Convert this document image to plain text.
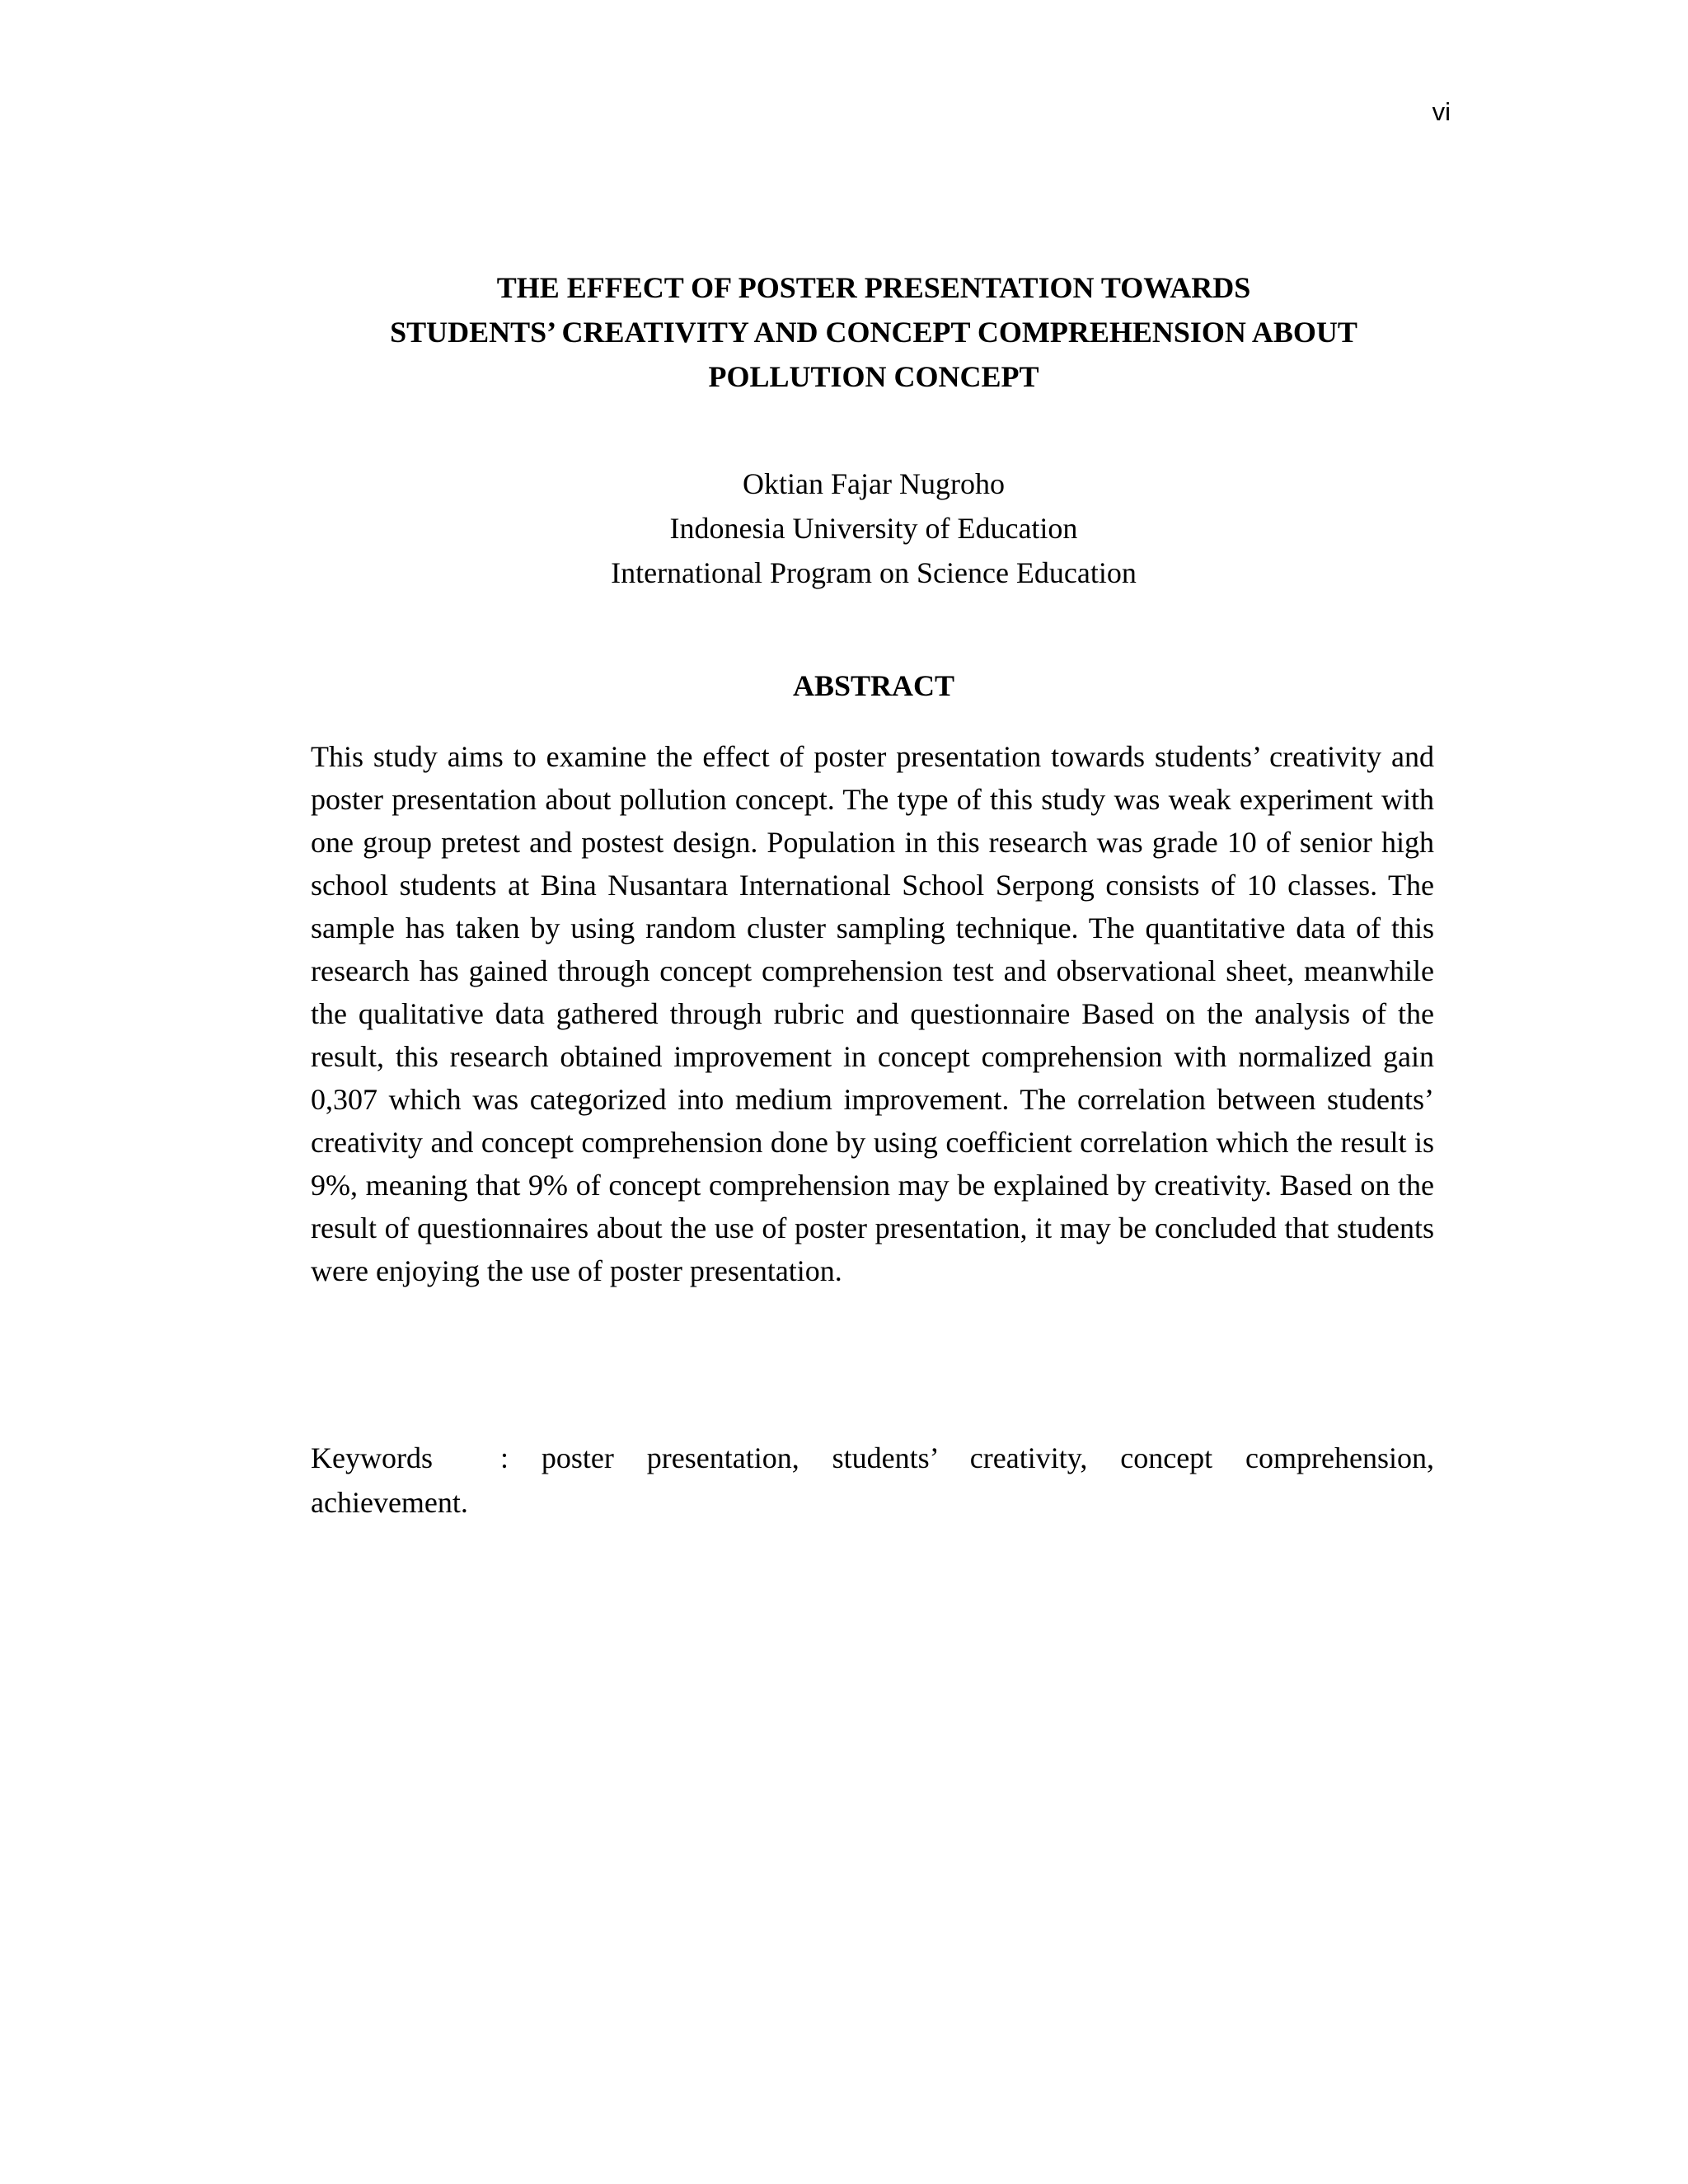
vi
THE EFFECT OF POSTER PRESENTATION TOWARDS
STUDENTS’ CREATIVITY AND CONCEPT COMPREHENSION ABOUT
POLLUTION CONCEPT
Oktian Fajar Nugroho
Indonesia University of Education
International Program on Science Education
ABSTRACT
This study aims to examine the effect of poster presentation towards students’ creativity and poster presentation about pollution concept. The type of this study was weak experiment with one group pretest and postest design. Population in this research was grade 10 of senior high school students at Bina Nusantara International School Serpong consists of 10 classes. The sample has taken by using random cluster sampling technique. The quantitative data of this research has gained through concept comprehension test and observational sheet, meanwhile the qualitative data gathered through rubric and questionnaire Based on the analysis of the result, this research obtained improvement in concept comprehension with normalized gain 0,307 which was categorized into medium improvement. The correlation between students’ creativity and concept comprehension done by using coefficient correlation which the result is 9%, meaning that 9% of concept comprehension may be explained by creativity. Based on the result of questionnaires about the use of poster presentation, it may be concluded that students were enjoying the use of poster presentation.
Keywords : poster presentation, students’ creativity, concept comprehension, achievement.
